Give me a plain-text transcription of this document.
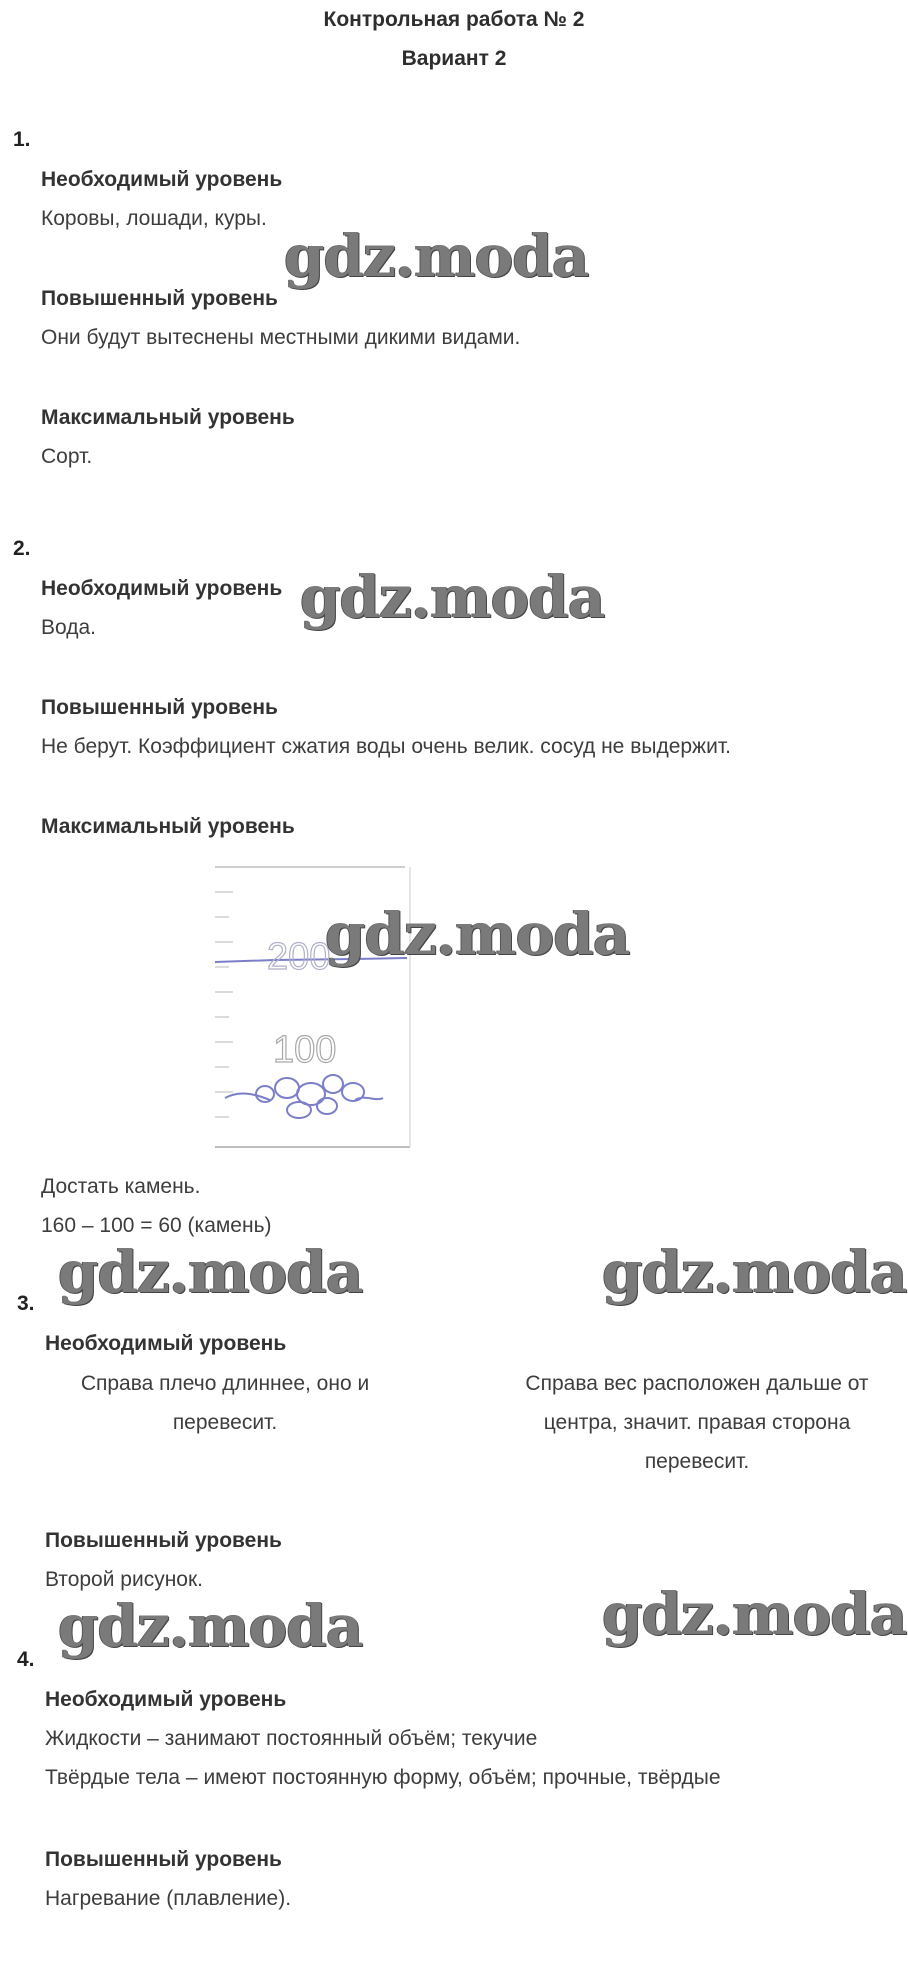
Контрольная работа № 2
Вариант 2
1.
Необходимый уровень
Коровы, лошади, куры.
Повышенный уровень
Они будут вытеснены местными дикими видами.
Максимальный уровень
Сорт.
2.
Необходимый уровень
Вода.
Повышенный уровень
Не берут. Коэффициент сжатия воды очень велик. сосуд не выдержит.
Максимальный уровень
200
100
Достать камень.
160 – 100 = 60 (камень)
3.
Необходимый уровень
Справа плечо длиннее, оно и перевесит.
Справа вес расположен дальше от центра, значит. правая сторона перевесит.
Повышенный уровень
Второй рисунок.
4.
Необходимый уровень
Жидкости – занимают постоянный объём; текучие
Твёрдые тела – имеют постоянную форму, объём; прочные, твёрдые
Повышенный уровень
Нагревание (плавление).
gdz.moda
gdz.moda
gdz.moda
gdz.moda	gdz.moda
gdz.moda	gdz.moda
